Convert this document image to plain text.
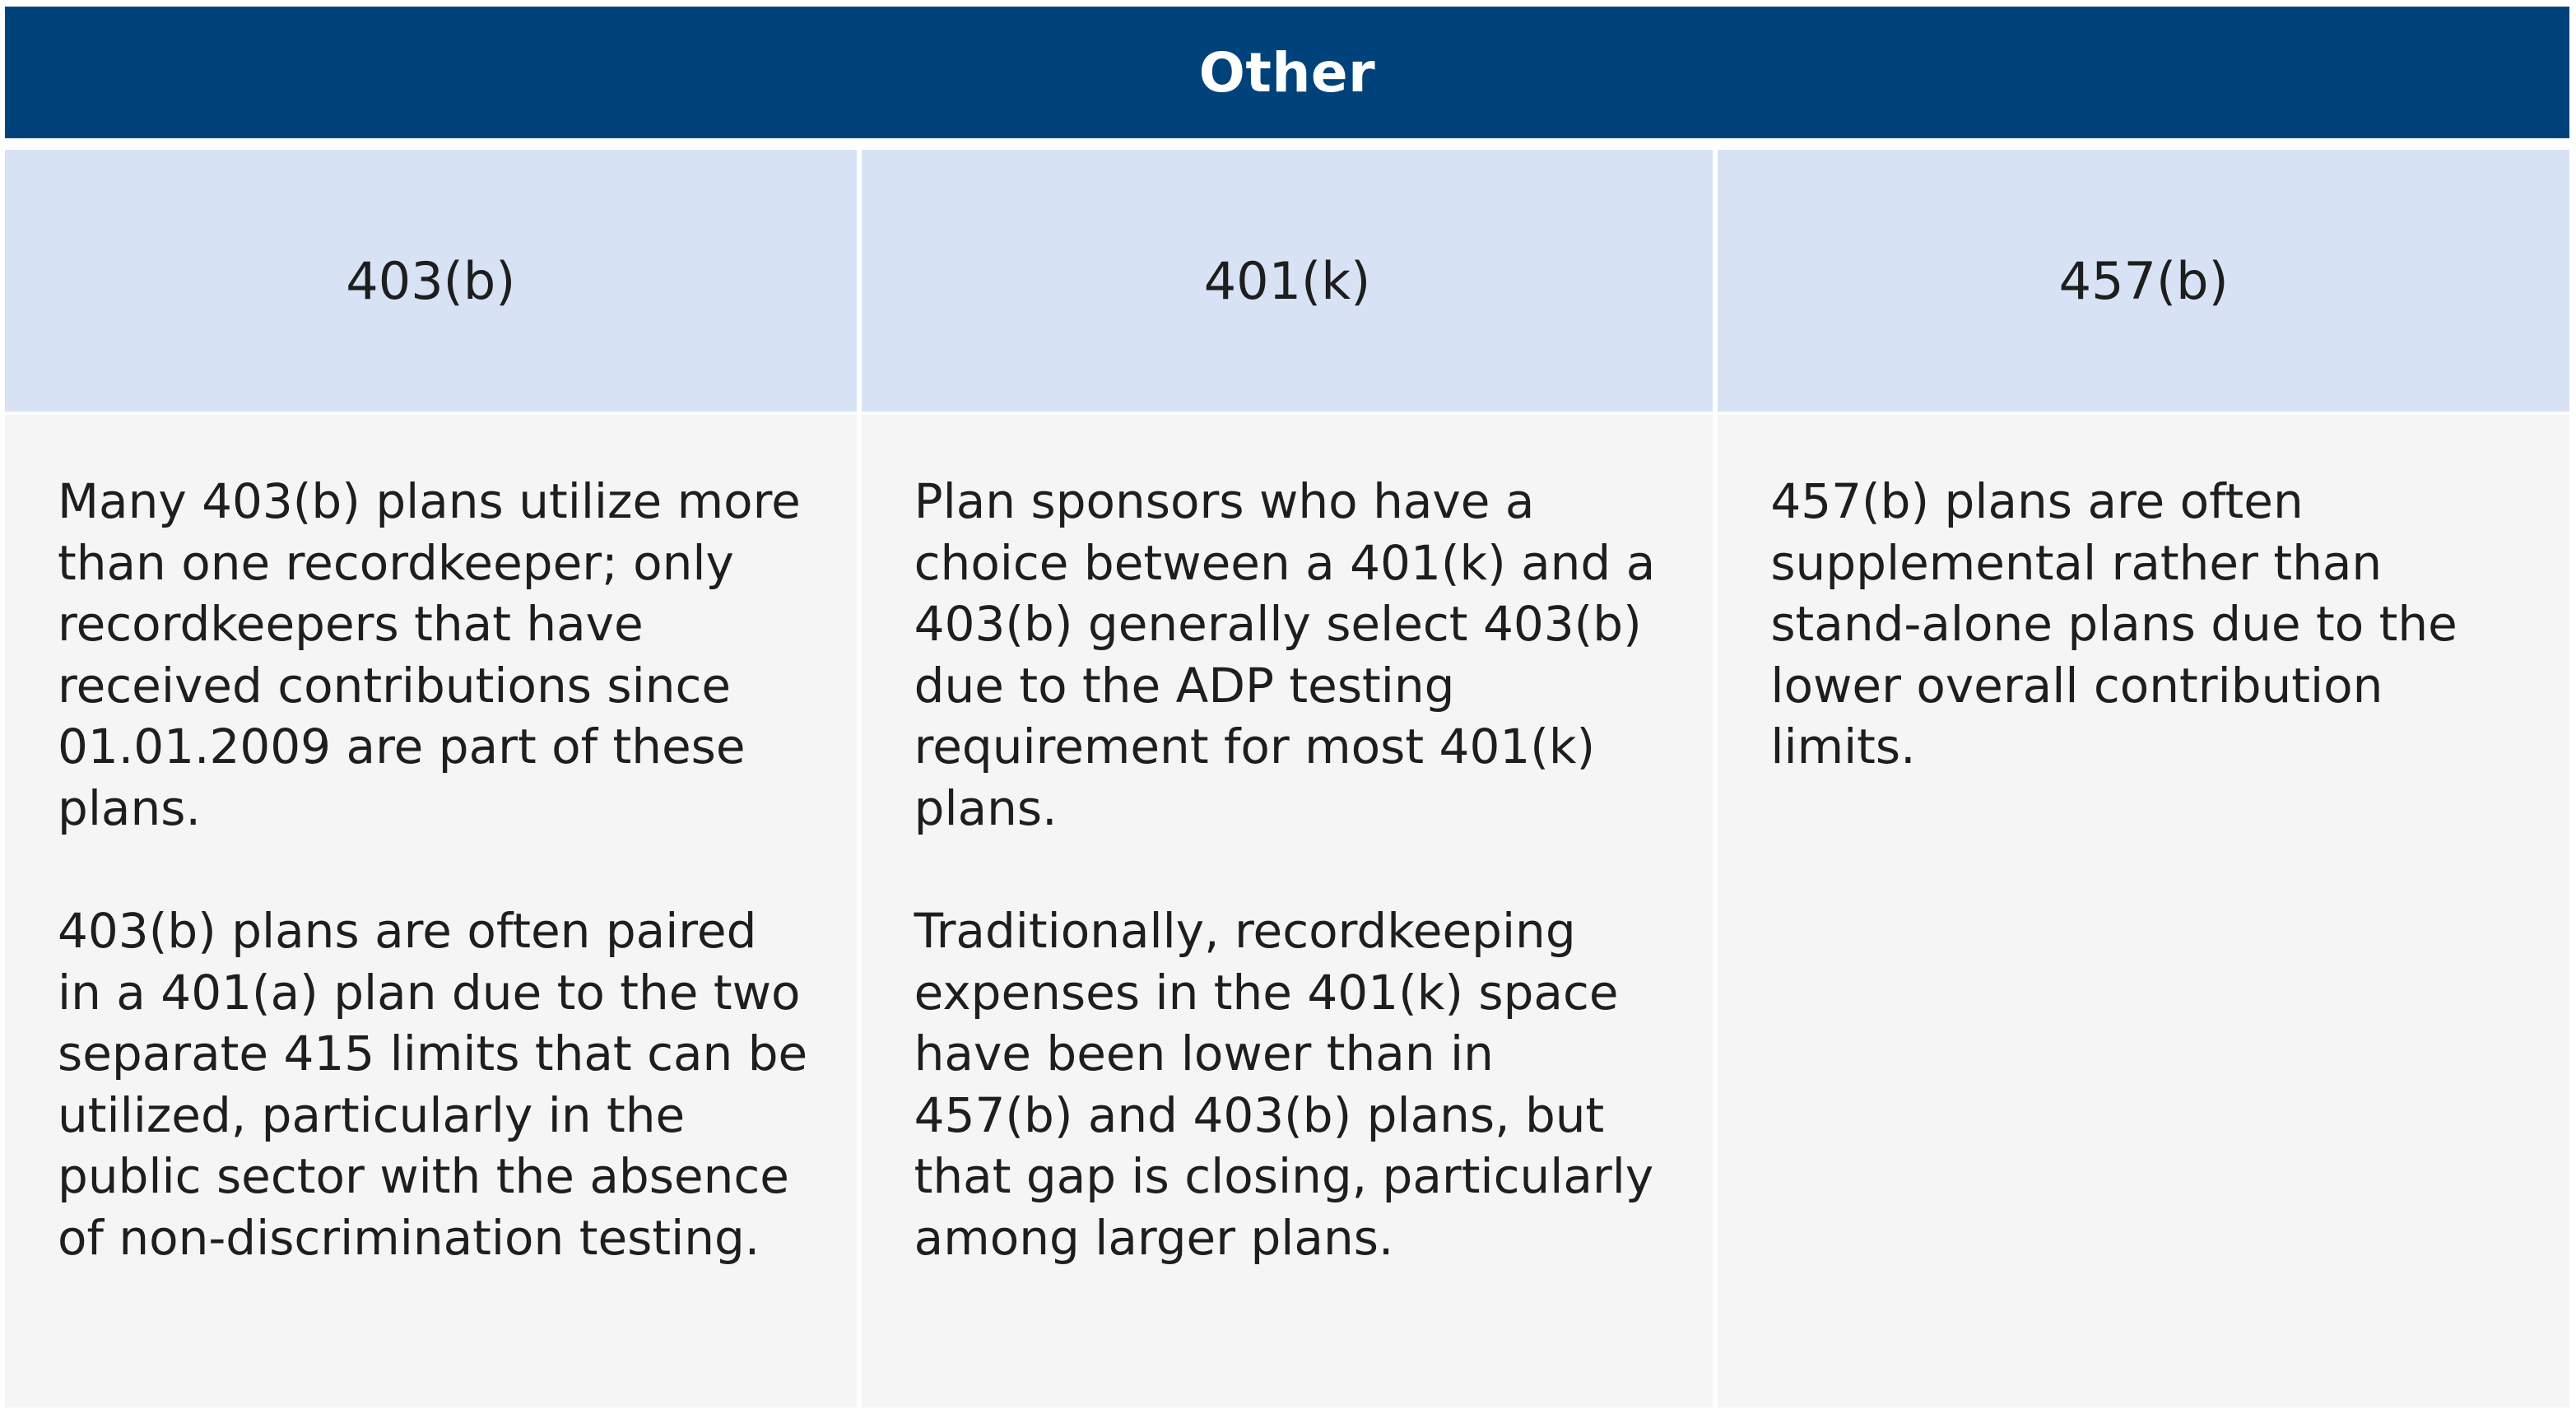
Other
403(b)	401(k)	457(b)

Many 403(b) plans utilize more than one recordkeeper; only recordkeepers that have received contributions since 01.01.2009 are part of these plans.

403(b) plans are often paired in a 401(a) plan due to the two separate 415 limits that can be utilized, particularly in the public sector with the absence of non-discrimination testing.

Plan sponsors who have a choice between a 401(k) and a 403(b) generally select 403(b) due to the ADP testing requirement for most 401(k) plans.

Traditionally, recordkeeping expenses in the 401(k) space have been lower than in 457(b) and 403(b) plans, but that gap is closing, particularly among larger plans.

457(b) plans are often supplemental rather than stand-alone plans due to the lower overall contribution limits.
